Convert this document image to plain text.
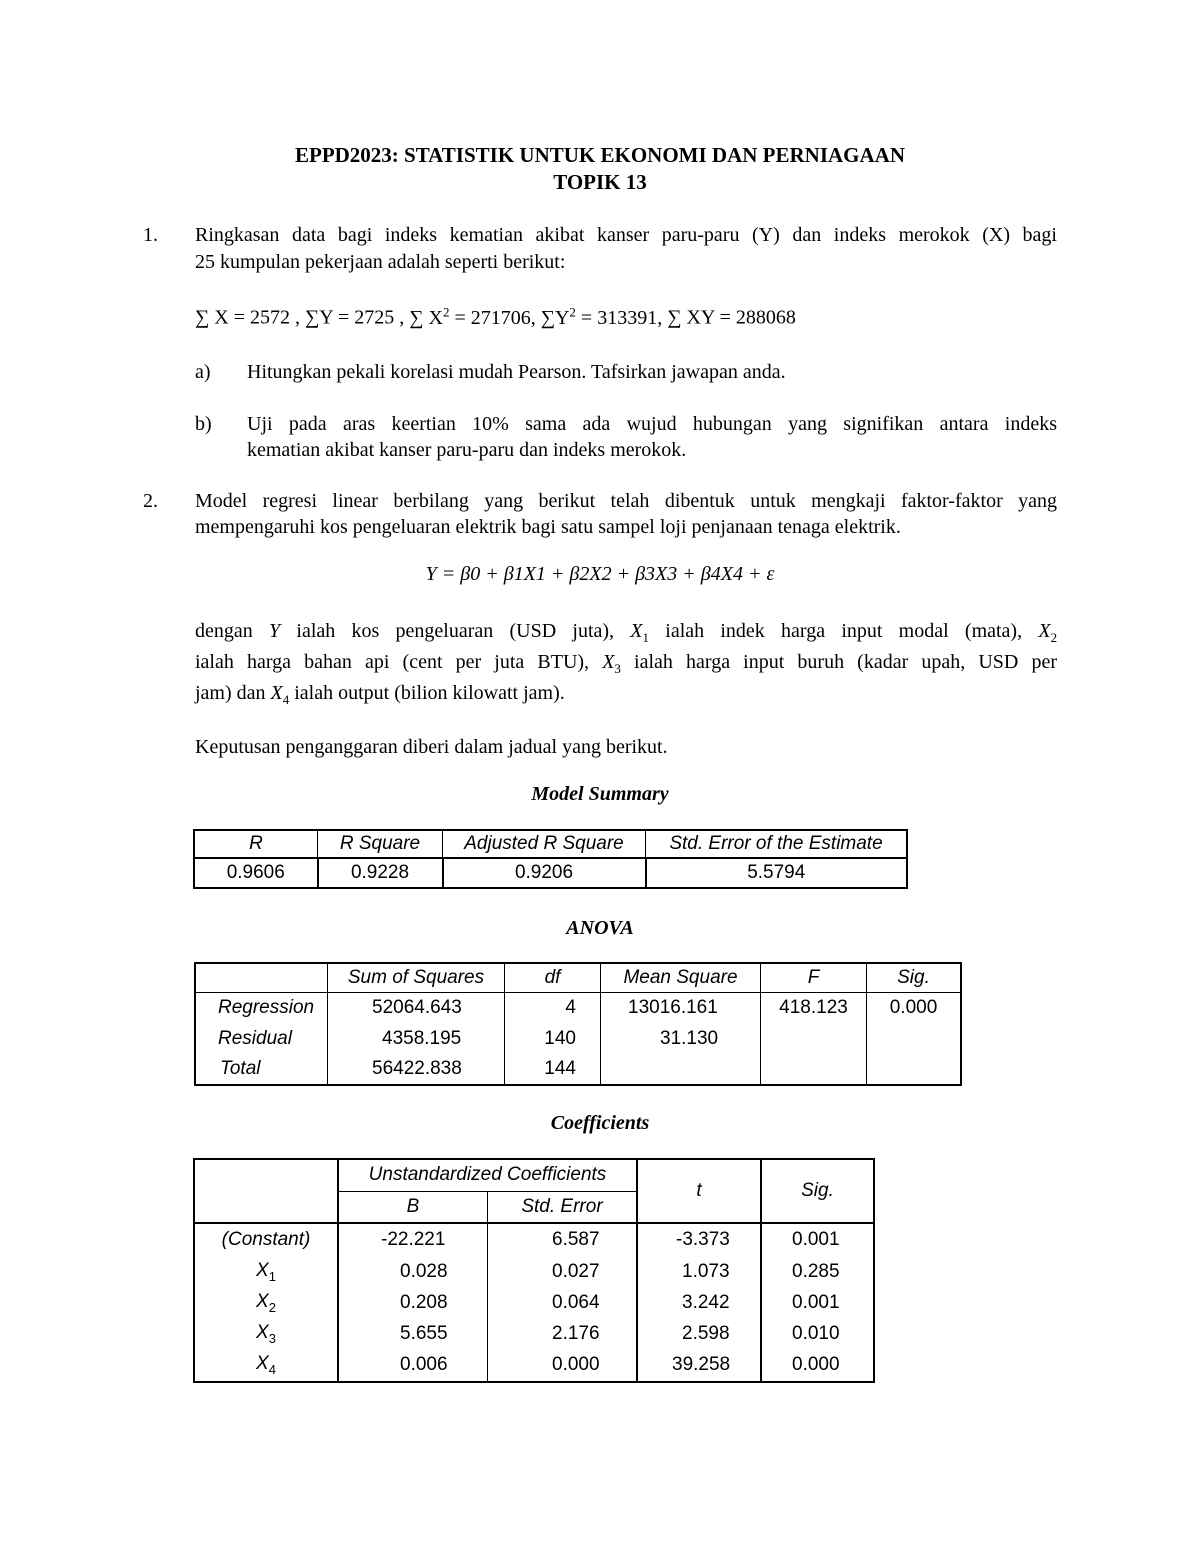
EPPD2023: STATISTIK UNTUK EKONOMI DAN PERNIAGAAN
TOPIK 13
1. Ringkasan data bagi indeks kematian akibat kanser paru-paru (Y) dan indeks merokok (X) bagi
25 kumpulan pekerjaan adalah seperti berikut:
∑ X = 2572 , ∑Y = 2725 , ∑ $X^2 = 271706$, $\sum Y^2 = 313391$, ∑ XY = 288068
a) Hitungkan pekali korelasi mudah Pearson. Tafsirkan jawapan anda.
b) Uji pada aras keertian 10% sama ada wujud hubungan yang signifikan antara indeks
kematian akibat kanser paru-paru dan indeks merokok.
2. Model regresi linear berbilang yang berikut telah dibentuk untuk mengkaji faktor-faktor yang
mempengaruhi kos pengeluaran elektrik bagi satu sampel loji penjanaan tenaga elektrik.
Y = β0 + β1X1 + β2X2 + β3X3 + β4X4 + ε
dengan Y ialah kos pengeluaran (USD juta), $X_1$ ialah indek harga input modal (mata), $X_2$
ialah harga bahan api (cent per juta BTU), $X_3$ ialah harga input buruh (kadar upah, USD per
jam) dan $X_4$ ialah output (bilion kilowatt jam).
Keputusan penganggaran diberi dalam jadual yang berikut.
Model Summary
R	R Square	Adjusted R Square	Std. Error of the Estimate
0.9606	0.9228	0.9206	5.5794
ANOVA
	Sum of Squares	df	Mean Square	F	Sig.
Regression	52064.643	4	13016.161	418.123	0.000
Residual	4358.195	140	31.130		
Total	56422.838	144			
Coefficients
	Unstandardized Coefficients		t	Sig.
	B	Std. Error		
(Constant)	-22.221	6.587	-3.373	0.001
$X_1$	0.028	0.027	1.073	0.285
$X_2$	0.208	0.064	3.242	0.001
$X_3$	5.655	2.176	2.598	0.010
$X_4$	0.006	0.000	39.258	0.000
